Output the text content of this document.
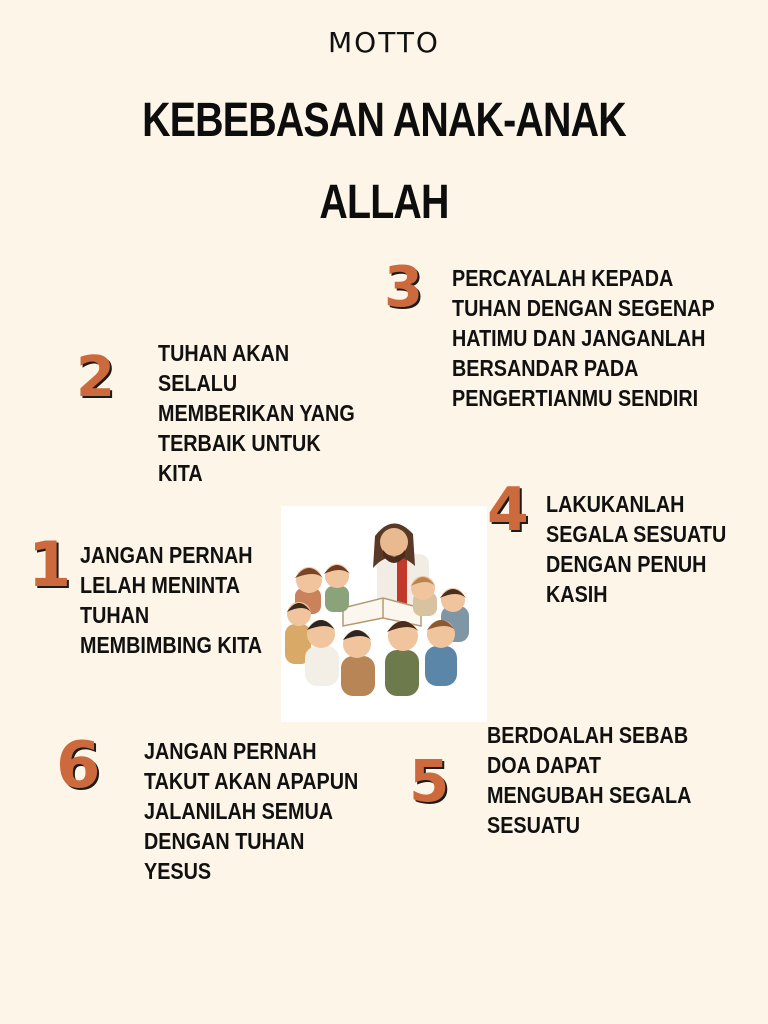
MOTTO
KEBEBASAN ANAK-ANAK
ALLAH
2 TUHAN AKAN
SELALU
MEMBERIKAN YANG
TERBAIK UNTUK
KITA
3 PERCAYALAH KEPADA
TUHAN DENGAN SEGENAP
HATIMU DAN JANGANLAH
BERSANDAR PADA
PENGERTIANMU SENDIRI
1 JANGAN PERNAH
LELAH MENINTA
TUHAN
MEMBIMBING KITA
4 LAKUKANLAH
SEGALA SESUATU
DENGAN PENUH
KASIH
6 JANGAN PERNAH
TAKUT AKAN APAPUN
JALANILAH SEMUA
DENGAN TUHAN
YESUS
5
BERDOALAH SEBAB
DOA DAPAT
MENGUBAH SEGALA
SESUATU
